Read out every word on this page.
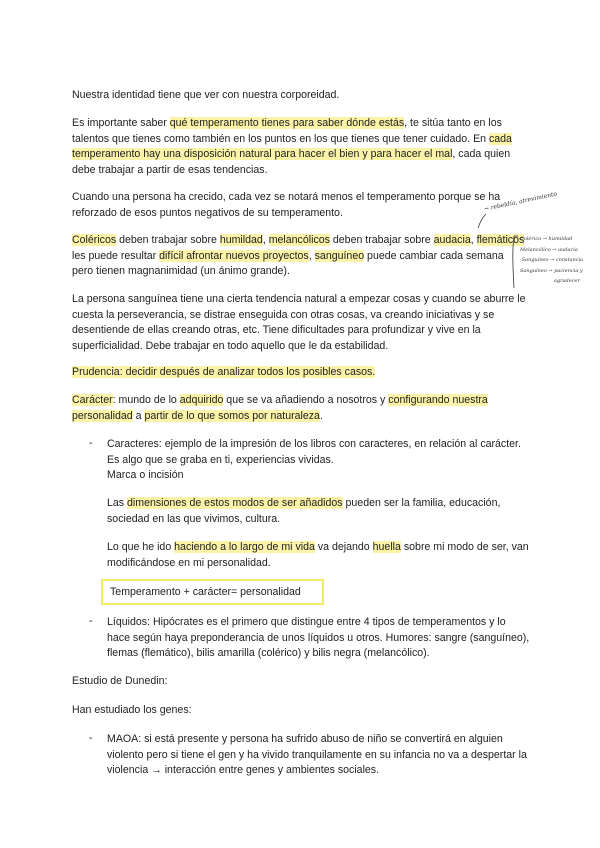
Nuestra identidad tiene que ver con nuestra corporeidad.

Es importante saber qué temperamento tienes para saber dónde estás, te sitúa tanto en los talentos que tienes como también en los puntos en los que tienes que tener cuidado. En cada temperamento hay una disposición natural para hacer el bien y para hacer el mal, cada quien debe trabajar a partir de esas tendencias.

Cuando una persona ha crecido, cada vez se notará menos el temperamento porque se ha reforzado de esos puntos negativos de su temperamento.

Coléricos deben trabajar sobre humildad, melancólicos deben trabajar sobre audacia, flemáticos les puede resultar difícil afrontar nuevos proyectos, sanguíneo puede cambiar cada semana pero tienen magnanimidad (un ánimo grande).

La persona sanguínea tiene una cierta tendencia natural a empezar cosas y cuando se aburre le cuesta la perseverancia, se distrae enseguida con otras cosas, va creando iniciativas y se desentiende de ellas creando otras, etc. Tiene dificultades para profundizar y vive en la superficialidad. Debe trabajar en todo aquello que le da estabilidad.

Prudencia: decidir después de analizar todos los posibles casos.

Carácter: mundo de lo adquirido que se va añadiendo a nosotros y configurando nuestra personalidad a partir de lo que somos por naturaleza.

- Caracteres: ejemplo de la impresión de los libros con caracteres, en relación al carácter. Es algo que se graba en ti, experiencias vividas.
Marca o incisión

Las dimensiones de estos modos de ser añadidos pueden ser la familia, educación, sociedad en las que vivimos, cultura.

Lo que he ido haciendo a lo largo de mi vida va dejando huella sobre mi modo de ser, van modificándose en mi personalidad.

Temperamento + carácter= personalidad
- Líquidos: Hipócrates es el primero que distingue entre 4 tipos de temperamentos y lo hace según haya preponderancia de unos líquidos u otros. Humores: sangre (sanguíneo), flemas (flemático), bilis amarilla (colérico) y bilis negra (melancólico).

Estudio de Dunedin:

Han estudiado los genes:

- MAOA: si está presente y persona ha sufrido abuso de niño se convertirá en alguien violento pero si tiene el gen y ha vivido tranquilamente en su infancia no va a despertar la violencia → interacción entre genes y ambientes sociales.

→ rebeldía, atrevimiento
Colérico → humildad
Melancólico → audacia
-Sanguíneo → constancia
Sanguíneo → paciencia y
agradecer
